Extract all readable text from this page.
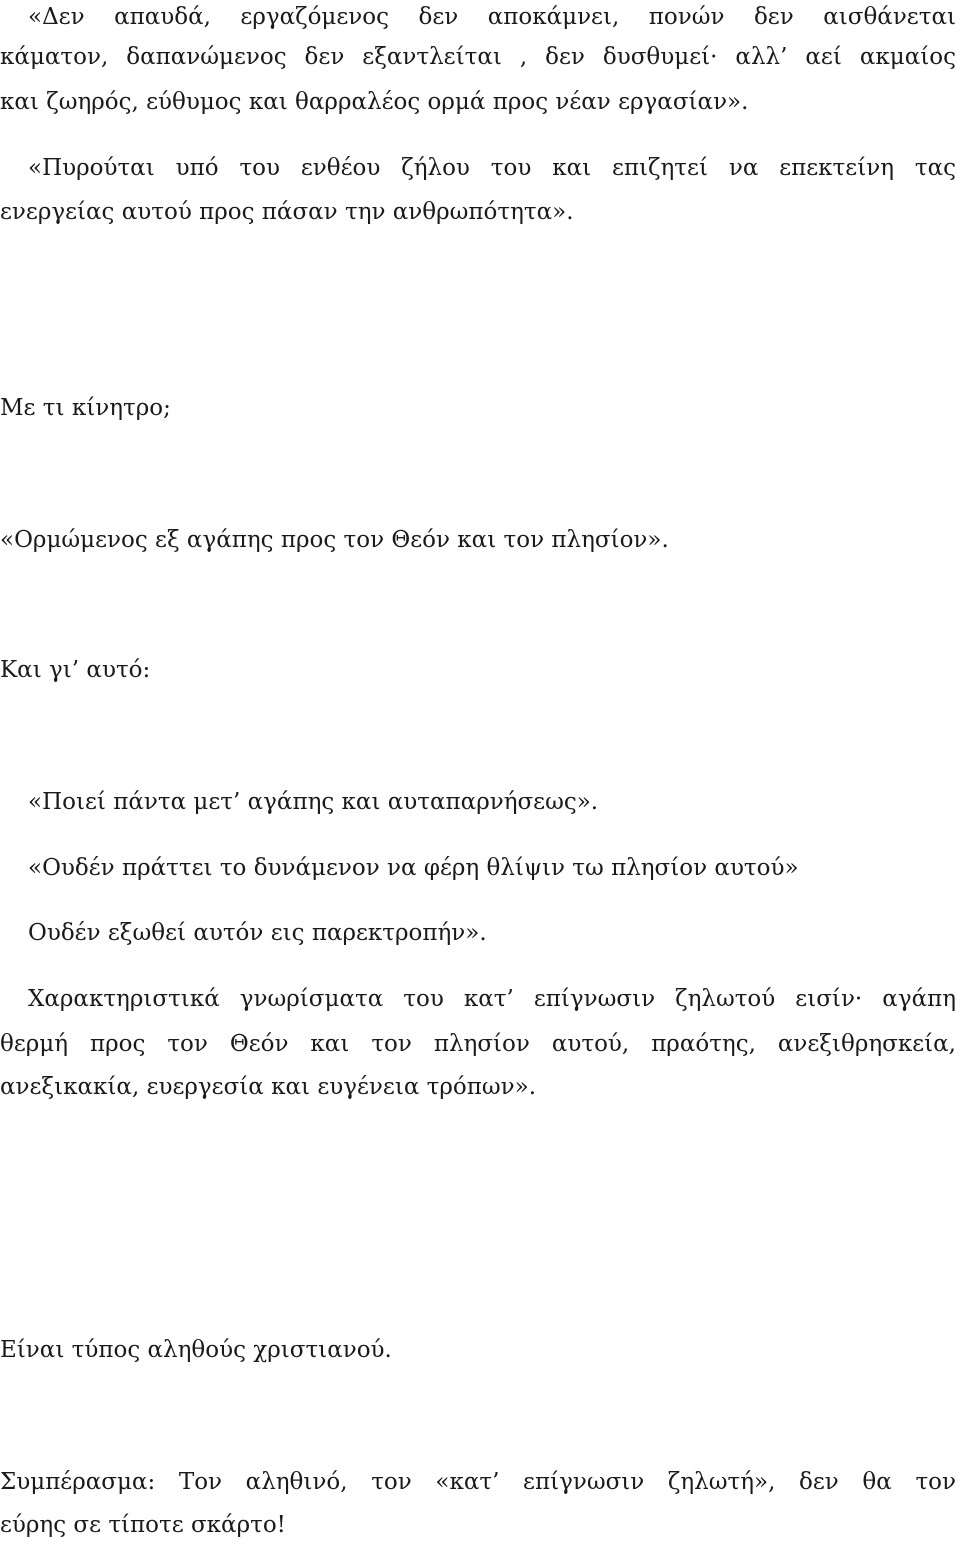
«Δεν απαυδά, εργαζόμενος δεν αποκάμνει, πονών δεν αισθάνεται
κάματον, δαπανώμενος δεν εξαντλείται , δεν δυσθυμεί· αλλ’ αεί ακμαίος
και ζωηρός, εύθυμος και θαρραλέος ορμά προς νέαν εργασίαν».
«Πυρούται υπό του ενθέου ζήλου του και επιζητεί να επεκτείνη τας
ενεργείας αυτού προς πάσαν την ανθρωπότητα».
Με τι κίνητρο;
«Ορμώμενος εξ αγάπης προς τον Θεόν και τον πλησίον».
Και γι’ αυτό:
«Ποιεί πάντα μετ’ αγάπης και αυταπαρνήσεως».
«Ουδέν πράττει το δυνάμενον να φέρη θλίψιν τω πλησίον αυτού»
Ουδέν εξωθεί αυτόν εις παρεκτροπήν».
Χαρακτηριστικά γνωρίσματα του κατ’ επίγνωσιν ζηλωτού εισίν· αγάπη
θερμή προς τον Θεόν και τον πλησίον αυτού, πραότης, ανεξιθρησκεία,
ανεξικακία, ευεργεσία και ευγένεια τρόπων».
Είναι τύπος αληθούς χριστιανού.
Συμπέρασμα: Τον αληθινό, τον «κατ’ επίγνωσιν ζηλωτή», δεν θα τον
εύρης σε τίποτε σκάρτο!
